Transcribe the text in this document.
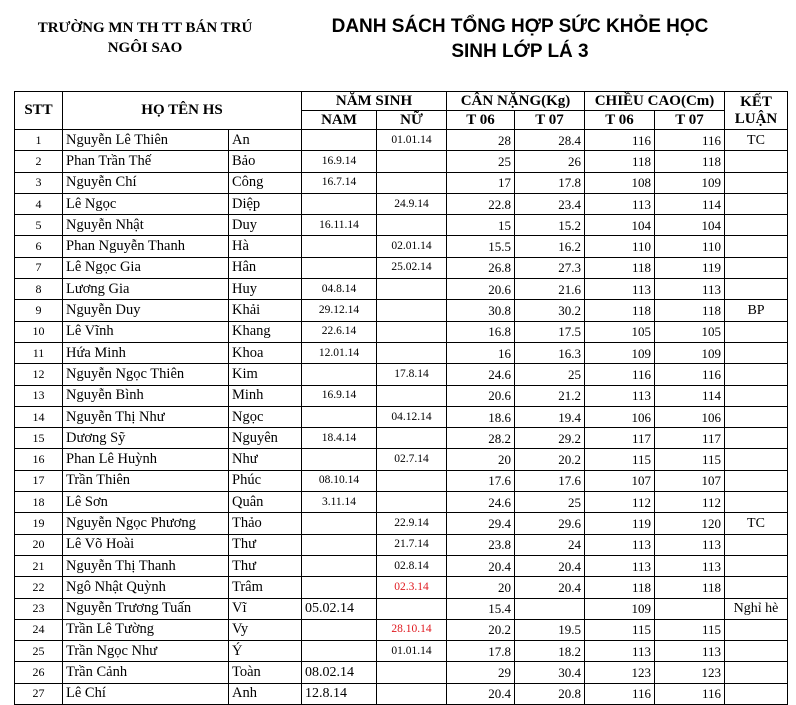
TRƯỜNG MN TH TT BÁN TRÚ
NGÔI SAO
DANH SÁCH TỔNG HỢP SỨC KHỎE HỌC
SINH LỚP LÁ 3
STT	HỌ TÊN HS		NĂM SINH		CÂN NẶNG(Kg)		CHIỀU CAO(Cm)		KẾT
LUẬN
			NAM	NỮ	T 06	T 07	T 06	T 07	
1	Nguyễn Lê Thiên	An		01.01.14	28	28.4	116	116	TC
2	Phan Trần Thế	Bảo	16.9.14		25	26	118	118	
3	Nguyễn Chí	Công	16.7.14		17	17.8	108	109	
4	Lê Ngọc	Diệp		24.9.14	22.8	23.4	113	114	
5	Nguyễn Nhật	Duy	16.11.14		15	15.2	104	104	
6	Phan Nguyễn Thanh	Hà		02.01.14	15.5	16.2	110	110	
7	Lê Ngọc Gia	Hân		25.02.14	26.8	27.3	118	119	
8	Lương Gia	Huy	04.8.14		20.6	21.6	113	113	
9	Nguyễn Duy	Khải	29.12.14		30.8	30.2	118	118	BP
10	Lê Vĩnh	Khang	22.6.14		16.8	17.5	105	105	
11	Hứa Minh	Khoa	12.01.14		16	16.3	109	109	
12	Nguyễn Ngọc Thiên	Kim		17.8.14	24.6	25	116	116	
13	Nguyễn Bình	Minh	16.9.14		20.6	21.2	113	114	
14	Nguyễn Thị Như	Ngọc		04.12.14	18.6	19.4	106	106	
15	Dương Sỹ	Nguyên	18.4.14		28.2	29.2	117	117	
16	Phan Lê Huỳnh	Như		02.7.14	20	20.2	115	115	
17	Trần Thiên	Phúc	08.10.14		17.6	17.6	107	107	
18	Lê Sơn	Quân	3.11.14		24.6	25	112	112	
19	Nguyễn Ngọc Phương	Thảo		22.9.14	29.4	29.6	119	120	TC
20	Lê Võ Hoài	Thư		21.7.14	23.8	24	113	113	
21	Nguyễn Thị Thanh	Thư		02.8.14	20.4	20.4	113	113	
22	Ngô Nhật Quỳnh	Trâm		02.3.14	20	20.4	118	118	
23	Nguyễn Trương Tuấn	Vĩ	05.02.14		15.4		109		Nghỉ hè
24	Trần Lê Tường	Vy		28.10.14	20.2	19.5	115	115	
25	Trần Ngọc Như	Ý		01.01.14	17.8	18.2	113	113	
26	Trần Cảnh	Toàn	08.02.14		29	30.4	123	123	
27	Lê Chí	Anh	12.8.14		20.4	20.8	116	116	
